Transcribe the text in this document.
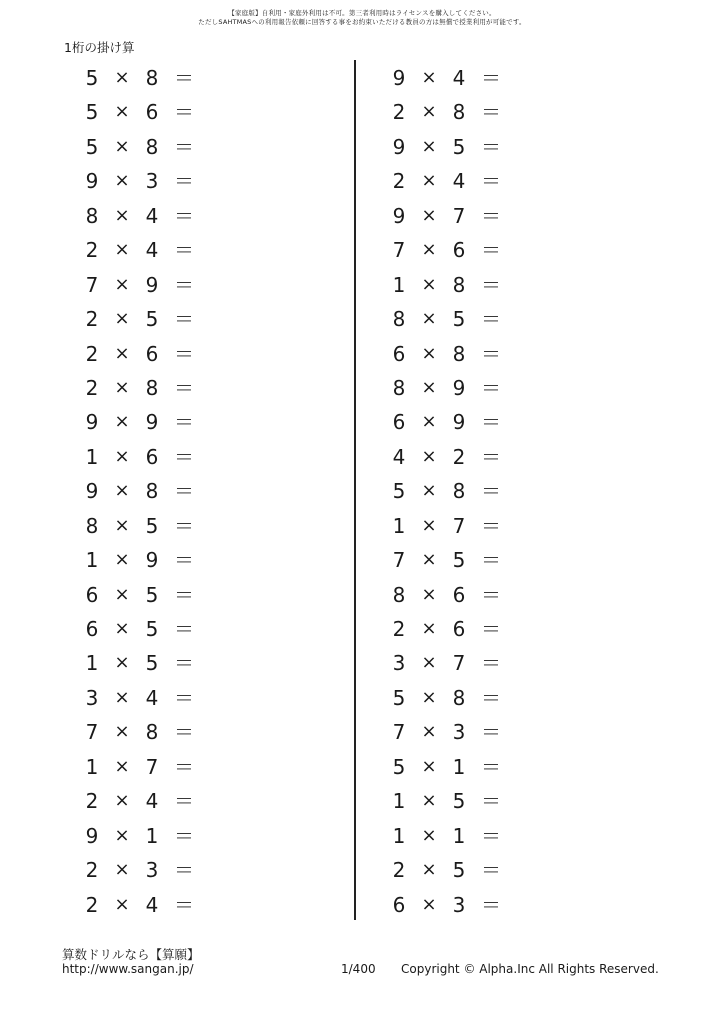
【家庭版】自利用・家庭外利用は不可。第三者利用時はライセンスを購入してください。
ただしSAHTMASへの利用報告依頼に回答する事をお約束いただける教員の方は無償で授業利用が可能です。
1桁の掛け算
5 × 8 ＝
5 × 6 ＝
5 × 8 ＝
9 × 3 ＝
8 × 4 ＝
2 × 4 ＝
7 × 9 ＝
2 × 5 ＝
2 × 6 ＝
2 × 8 ＝
9 × 9 ＝
1 × 6 ＝
9 × 8 ＝
8 × 5 ＝
1 × 9 ＝
6 × 5 ＝
6 × 5 ＝
1 × 5 ＝
3 × 4 ＝
7 × 8 ＝
1 × 7 ＝
2 × 4 ＝
9 × 1 ＝
2 × 3 ＝
2 × 4 ＝
9 × 4 ＝
2 × 8 ＝
9 × 5 ＝
2 × 4 ＝
9 × 7 ＝
7 × 6 ＝
1 × 8 ＝
8 × 5 ＝
6 × 8 ＝
8 × 9 ＝
6 × 9 ＝
4 × 2 ＝
5 × 8 ＝
1 × 7 ＝
7 × 5 ＝
8 × 6 ＝
2 × 6 ＝
3 × 7 ＝
5 × 8 ＝
7 × 3 ＝
5 × 1 ＝
1 × 5 ＝
1 × 1 ＝
2 × 5 ＝
6 × 3 ＝
算数ドリルなら【算願】
http://www.sangan.jp/	1/400 Copyright © Alpha.Inc All Rights Reserved.
